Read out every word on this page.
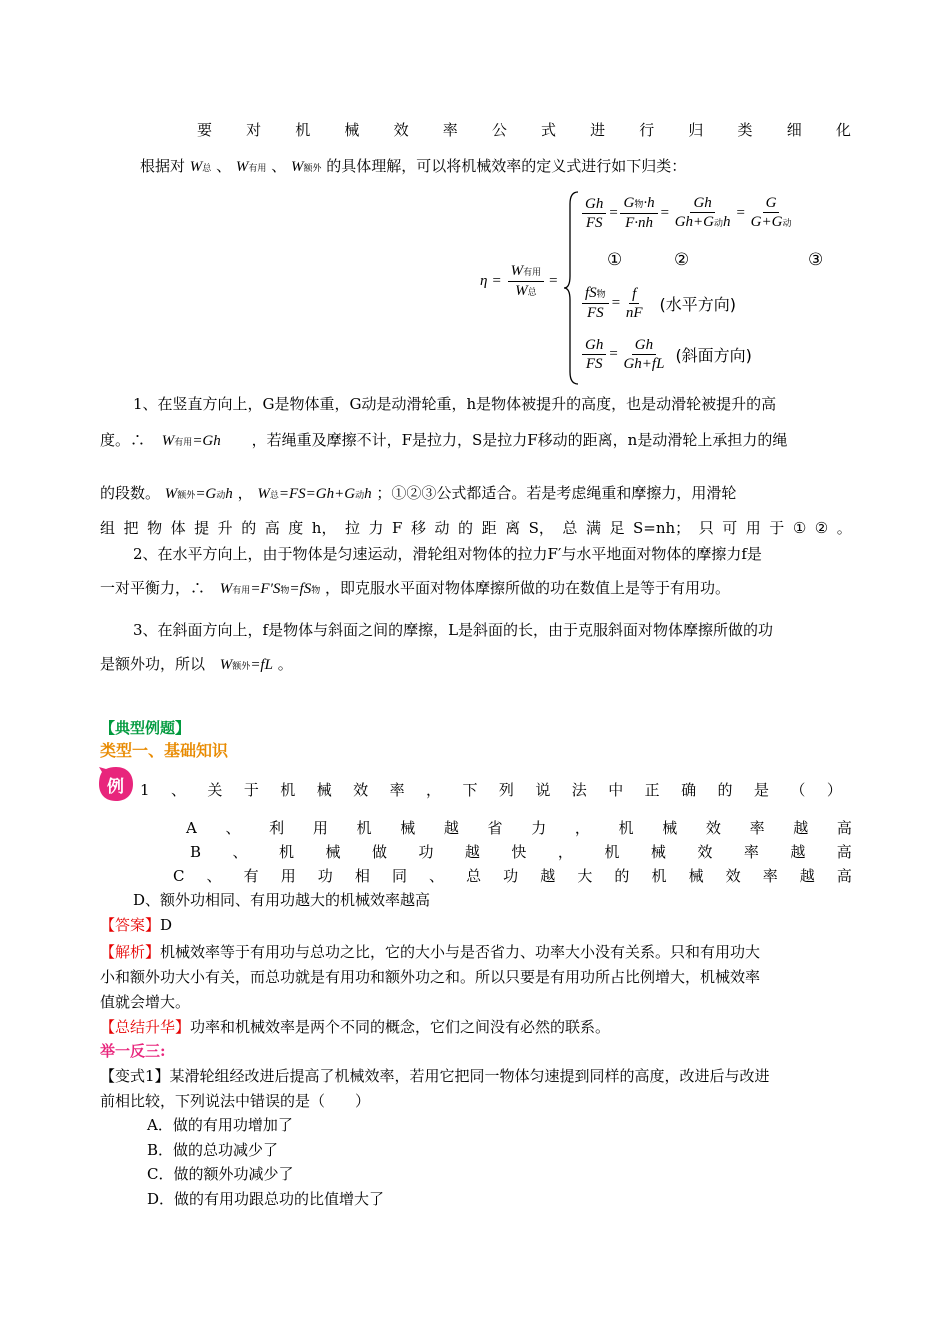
要 对 机 械 效 率 公 式 进 行 归 类 细 化
根据对 W总 、 W有用 、 W额外 的具体理解，可以将机械效率的定义式进行如下归类：
$\eta = \frac{\text{W有用}}{\text{W总}}$ =
$\frac{Gh}{FS} = \frac{\text{G物·h}}{F\cdot nh} = \frac{Gh}{\text{Gh+G动h}} = \frac{G}{\text{G+G动}}$
①	②	③
$\frac{\text{fS物}}{FS} = \frac{f}{nF}$ (水平方向)
$\frac{Gh}{FS} = \frac{Gh}{Gh+fL}$ (斜面方向)
1、在竖直方向上，G是物体重，G动是动滑轮重，h是物体被提升的高度，也是动滑轮被提升的高
度。∴ W有用=Gh ，若绳重及摩擦不计，F是拉力，S是拉力F移动的距离，n是动滑轮上承担力的绳
的段数。 W额外=G动h ， W总=FS=Gh+G动h ；①②③公式都适合。若是考虑绳重和摩擦力，用滑轮
组 把 物 体 提 升 的 高 度 h， 拉 力 F 移 动 的 距 离 S， 总 满 足 S=nh； 只 可 用 于 ① ② 。
2、在水平方向上，由于物体是匀速运动，滑轮组对物体的拉力F′与水平地面对物体的摩擦力f是
一对平衡力，∴ W有用=F′S物=fS物 ，即克服水平面对物体摩擦所做的功在数值上是等于有用功。
3、在斜面方向上，f是物体与斜面之间的摩擦，L是斜面的长，由于克服斜面对物体摩擦所做的功
是额外功，所以 W额外=fL 。
【典型例题】
类型一、基础知识
例 1 、 关 于 机 械 效 率 ， 下 列 说 法 中 正 确 的 是 （ ）
A 、 利 用 机 械 越 省 力 ， 机 械 效 率 越 高
B 、 机 械 做 功 越 快 ， 机 械 效 率 越 高
C 、 有 用 功 相 同 、 总 功 越 大 的 机 械 效 率 越 高
D、额外功相同、有用功越大的机械效率越高
【答案】D
【解析】机械效率等于有用功与总功之比，它的大小与是否省力、功率大小没有关系。只和有用功大
小和额外功大小有关，而总功就是有用功和额外功之和。所以只要是有用功所占比例增大，机械效率
值就会增大。
【总结升华】功率和机械效率是两个不同的概念，它们之间没有必然的联系。
举一反三:
【变式1】某滑轮组经改进后提高了机械效率，若用它把同一物体匀速提到同样的高度，改进后与改进
前相比较，下列说法中错误的是（　　）
A．做的有用功增加了
B．做的总功减少了
C．做的额外功减少了
D．做的有用功跟总功的比值增大了
